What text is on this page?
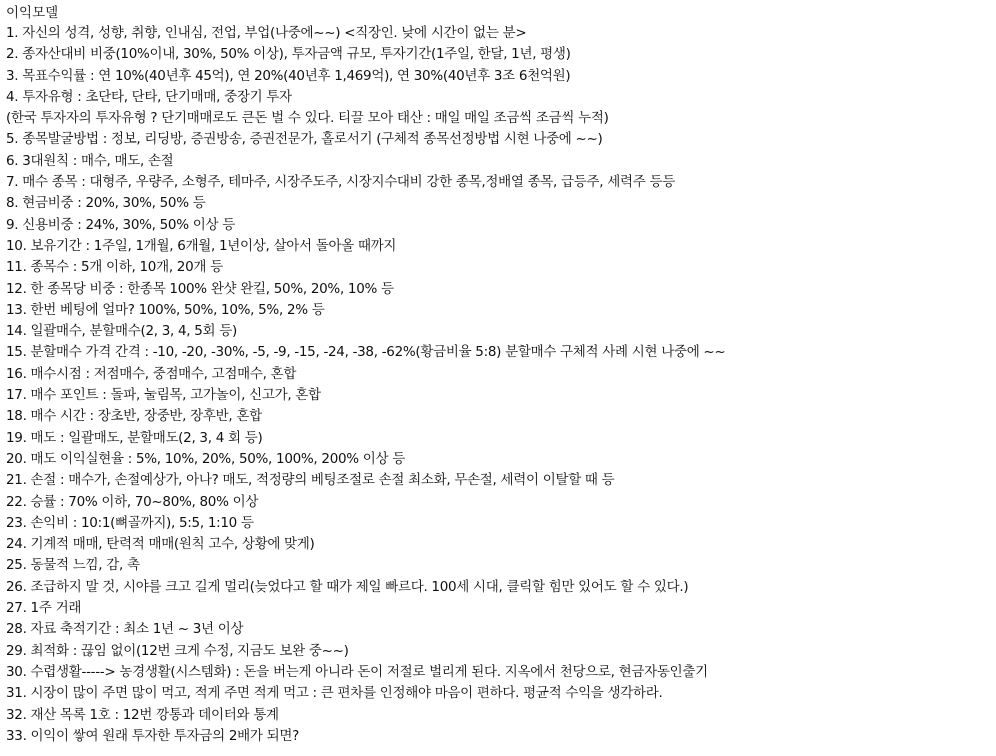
이익모델
1. 자신의 성격, 성향, 취향, 인내심, 전업, 부업(나중에~~) <직장인. 낮에 시간이 없는 분>
2. 종자산대비 비중(10%이내, 30%, 50% 이상), 투자금액 규모, 투자기간(1주일, 한달, 1년, 평생)
3. 목표수익률 : 연 10%(40년후 45억), 연 20%(40년후 1,469억), 연 30%(40년후 3조 6천억원)
4. 투자유형 : 초단타, 단타, 단기매매, 중장기 투자
(한국 투자자의 투자유형 ? 단기매매로도 큰돈 벌 수 있다. 티끌 모아 태산 : 매일 매일 조금씩 조금씩 누적)
5. 종목발굴방법 : 정보, 리딩방, 증권방송, 증권전문가, 홀로서기 (구체적 종목선정방법 시현 나중에 ~~)
6. 3대원칙 : 매수, 매도, 손절
7. 매수 종목 : 대형주, 우량주, 소형주, 테마주, 시장주도주, 시장지수대비 강한 종목,정배열 종목, 급등주, 세력주 등등
8. 현금비중 : 20%, 30%, 50% 등
9. 신용비중 : 24%, 30%, 50% 이상 등
10. 보유기간 : 1주일, 1개월, 6개월, 1년이상, 살아서 돌아올 때까지
11. 종목수 : 5개 이하, 10개, 20개 등
12. 한 종목당 비중 : 한종목 100% 완샷 완킬, 50%, 20%, 10% 등
13. 한번 베팅에 얼마? 100%, 50%, 10%, 5%, 2% 등
14. 일괄매수, 분할매수(2, 3, 4, 5회 등)
15. 분할매수 가격 간격 : -10, -20, -30%, -5, -9, -15, -24, -38, -62%(황금비율 5:8) 분할매수 구체적 사례 시현 나중에 ~~
16. 매수시점 : 저점매수, 중점매수, 고점매수, 혼합
17. 매수 포인트 : 돌파, 눌림목, 고가놀이, 신고가, 혼합
18. 매수 시간 : 장초반, 장중반, 장후반, 혼합
19. 매도 : 일괄매도, 분할매도(2, 3, 4 회 등)
20. 매도 이익실현율 : 5%, 10%, 20%, 50%, 100%, 200% 이상 등
21. 손절 : 매수가, 손절예상가, 아나? 매도, 적정량의 베팅조절로 손절 최소화, 무손절, 세력이 이탈할 때 등
22. 승률 : 70% 이하, 70~80%, 80% 이상
23. 손익비 : 10:1(뼈골까지), 5:5, 1:10 등
24. 기계적 매매, 탄력적 매매(원칙 고수, 상황에 맞게)
25. 동물적 느낌, 감, 촉
26. 조급하지 말 것, 시야를 크고 길게 멀리(늦었다고 할 때가 제일 빠르다. 100세 시대, 클릭할 힘만 있어도 할 수 있다.)
27. 1주 거래
28. 자료 축적기간 : 최소 1년 ~ 3년 이상
29. 최적화 : 끊임 없이(12번 크게 수정, 지금도 보완 중~~)
30. 수렵생활-----> 농경생활(시스템화) : 돈을 버는게 아니라 돈이 저절로 벌리게 된다. 지옥에서 천당으로, 현금자동인출기
31. 시장이 많이 주면 많이 먹고, 적게 주면 적게 먹고 : 큰 편차를 인정해야 마음이 편하다. 평균적 수익을 생각하라.
32. 재산 목록 1호 : 12번 깡통과 데이터와 통계
33. 이익이 쌓여 원래 투자한 투자금의 2배가 되면?
